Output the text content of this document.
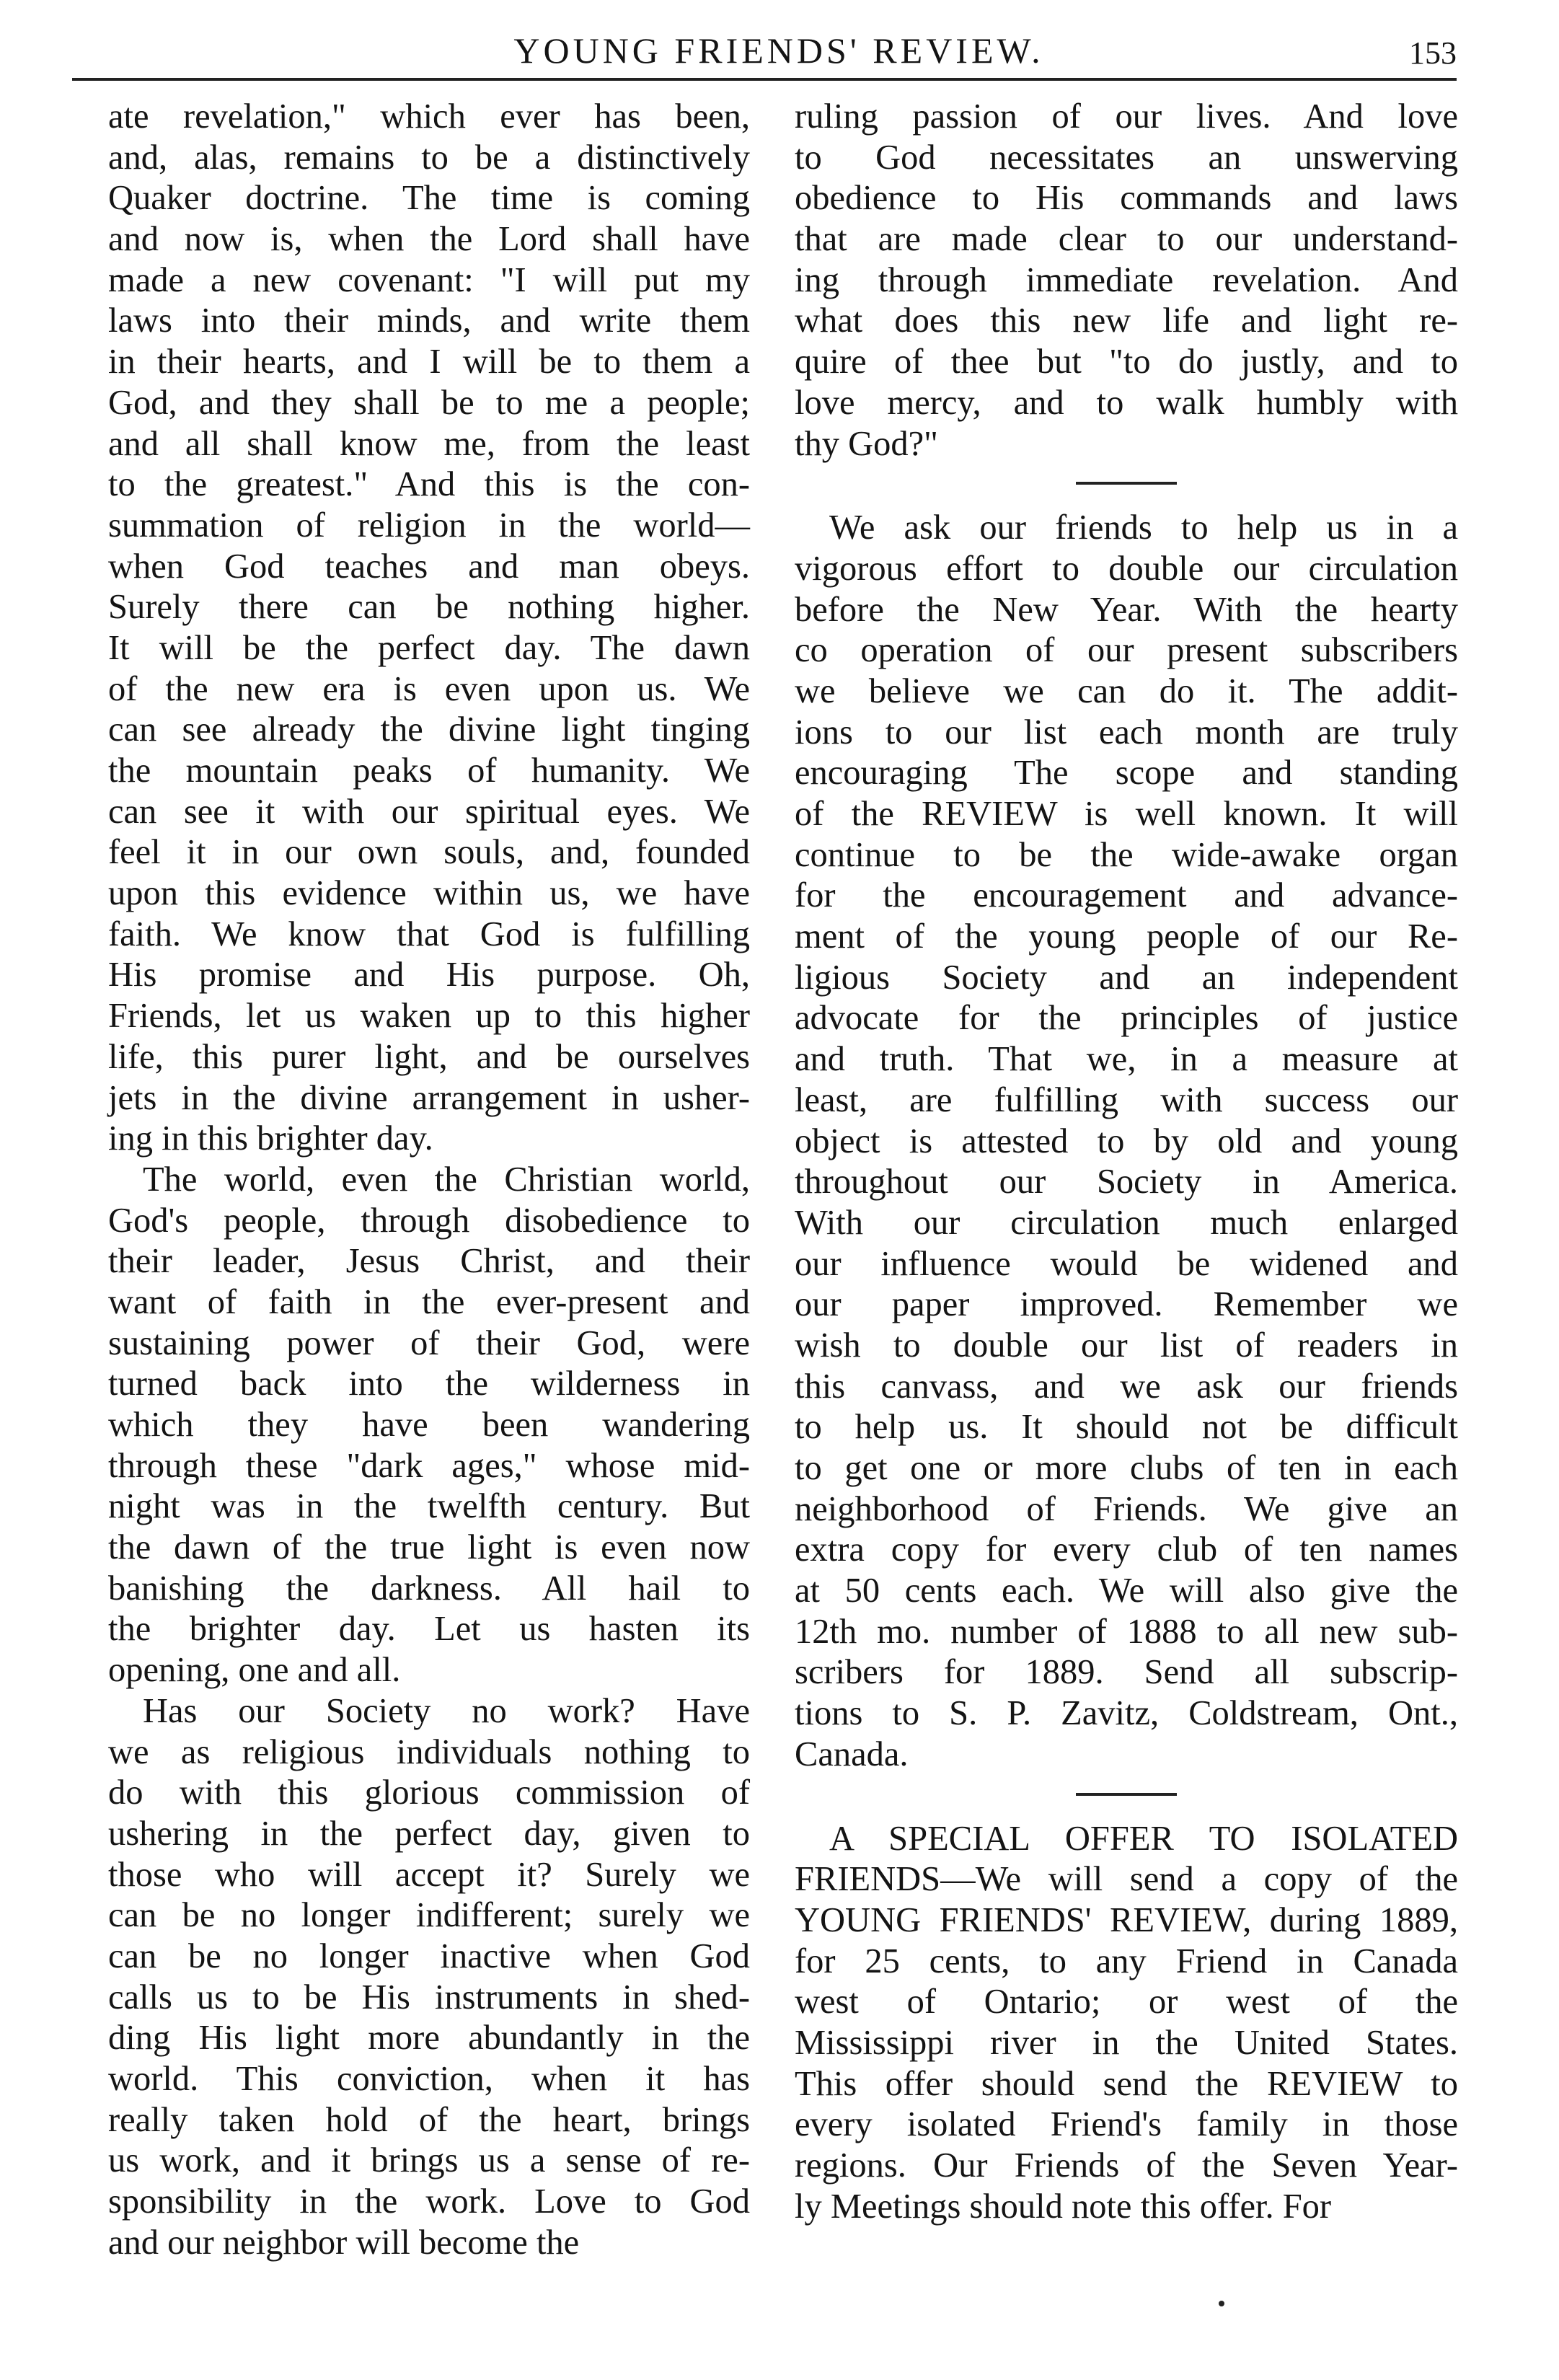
YOUNG FRIENDS' REVIEW.	153
ate revelation," which ever has been,
and, alas, remains to be a distinctively
Quaker doctrine. The time is coming
and now is, when the Lord shall have
made a new covenant: "I will put my
laws into their minds, and write them
in their hearts, and I will be to them a
God, and they shall be to me a people;
and all shall know me, from the least
to the greatest." And this is the con-
summation of religion in the world—
when God teaches and man obeys.
Surely there can be nothing higher.
It will be the perfect day. The dawn
of the new era is even upon us. We
can see already the divine light tinging
the mountain peaks of humanity. We
can see it with our spiritual eyes. We
feel it in our own souls, and, founded
upon this evidence within us, we have
faith. We know that God is fulfilling
His promise and His purpose. Oh,
Friends, let us waken up to this higher
life, this purer light, and be ourselves
jets in the divine arrangement in usher-
ing in this brighter day.
The world, even the Christian world,
God's people, through disobedience to
their leader, Jesus Christ, and their
want of faith in the ever-present and
sustaining power of their God, were
turned back into the wilderness in
which they have been wandering
through these "dark ages," whose mid-
night was in the twelfth century. But
the dawn of the true light is even now
banishing the darkness. All hail to
the brighter day. Let us hasten its
opening, one and all.
Has our Society no work? Have
we as religious individuals nothing to
do with this glorious commission of
ushering in the perfect day, given to
those who will accept it? Surely we
can be no longer indifferent; surely we
can be no longer inactive when God
calls us to be His instruments in shed-
ding His light more abundantly in the
world. This conviction, when it has
really taken hold of the heart, brings
us work, and it brings us a sense of re-
sponsibility in the work. Love to God
and our neighbor will become the
ruling passion of our lives. And love
to God necessitates an unswerving
obedience to His commands and laws
that are made clear to our understand-
ing through immediate revelation. And
what does this new life and light re-
quire of thee but "to do justly, and to
love mercy, and to walk humbly with
thy God?"
We ask our friends to help us in a
vigorous effort to double our circulation
before the New Year. With the hearty
co operation of our present subscribers
we believe we can do it. The addit-
ions to our list each month are truly
encouraging The scope and standing
of the REVIEW is well known. It will
continue to be the wide-awake organ
for the encouragement and advance-
ment of the young people of our Re-
ligious Society and an independent
advocate for the principles of justice
and truth. That we, in a measure at
least, are fulfilling with success our
object is attested to by old and young
throughout our Society in America.
With our circulation much enlarged
our influence would be widened and
our paper improved. Remember we
wish to double our list of readers in
this canvass, and we ask our friends
to help us. It should not be difficult
to get one or more clubs of ten in each
neighborhood of Friends. We give an
extra copy for every club of ten names
at 50 cents each. We will also give the
12th mo. number of 1888 to all new sub-
scribers for 1889. Send all subscrip-
tions to S. P. Zavitz, Coldstream, Ont.,
Canada.
A SPECIAL OFFER TO ISOLATED
FRIENDS—We will send a copy of the
YOUNG FRIENDS' REVIEW, during 1889,
for 25 cents, to any Friend in Canada
west of Ontario; or west of the
Mississippi river in the United States.
This offer should send the REVIEW to
every isolated Friend's family in those
regions. Our Friends of the Seven Year-
ly Meetings should note this offer. For
